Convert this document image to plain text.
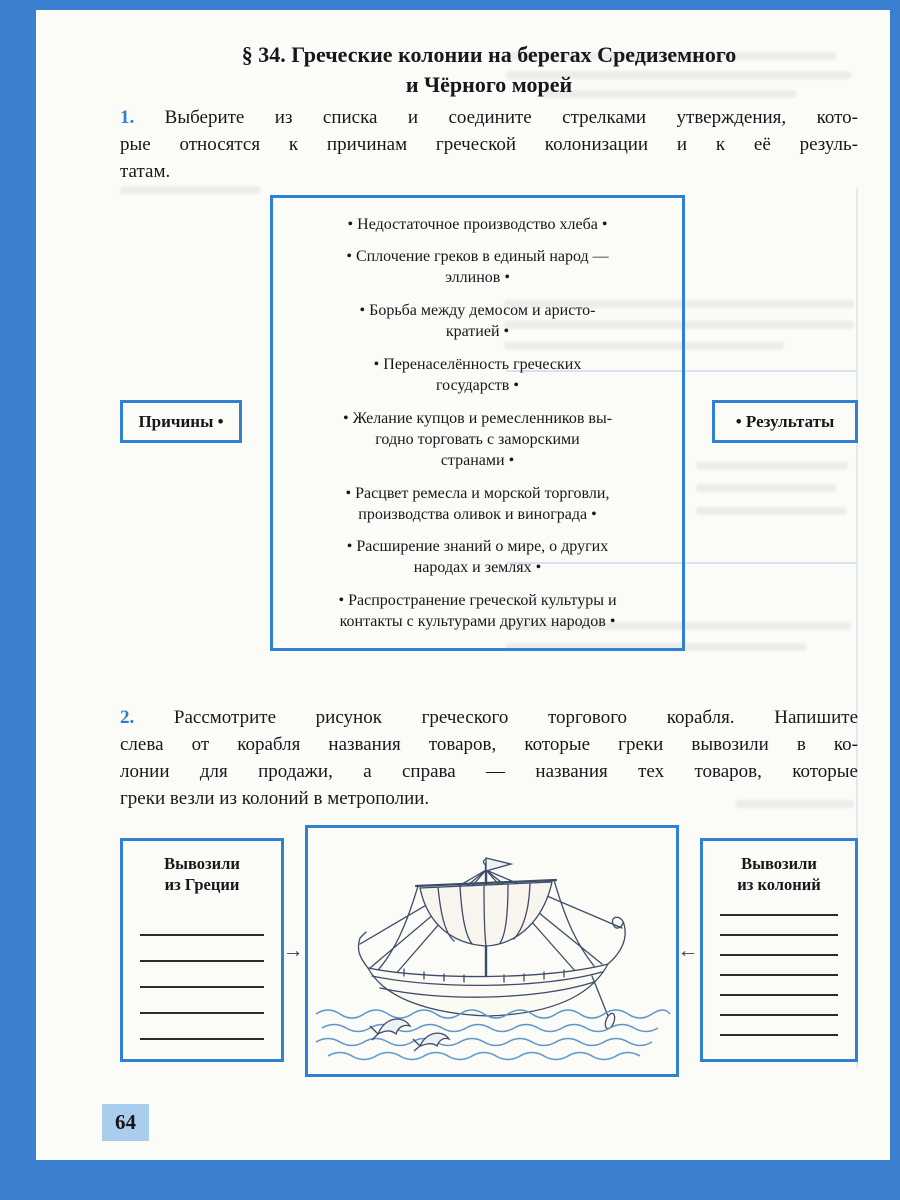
§ 34. Греческие колонии на берегах Средиземного
и Чёрного морей
1. Выберите из списка и соедините стрелками утверждения, кото-
рые относятся к причинам греческой колонизации и к её резуль-
татам.
Причины •
• Недостаточное производство хлеба •
• Сплочение греков в единый народ —
эллинов •
• Борьба между демосом и аристо-
кратией •
• Перенаселённость греческих
государств •
• Желание купцов и ремесленников вы-
годно торговать с заморскими
странами •
• Расцвет ремесла и морской торговли,
производства оливок и винограда •
• Расширение знаний о мире, о других
народах и землях •
• Распространение греческой культуры и
контакты с культурами других народов •
• Результаты
2. Рассмотрите рисунок греческого торгового корабля. Напишите
слева от корабля названия товаров, которые греки вывозили в ко-
лонии для продажи, а справа — названия тех товаров, которые
греки везли из колоний в метрополии.
Вывозили
из Греции
→	←
Вывозили
из колоний
64
